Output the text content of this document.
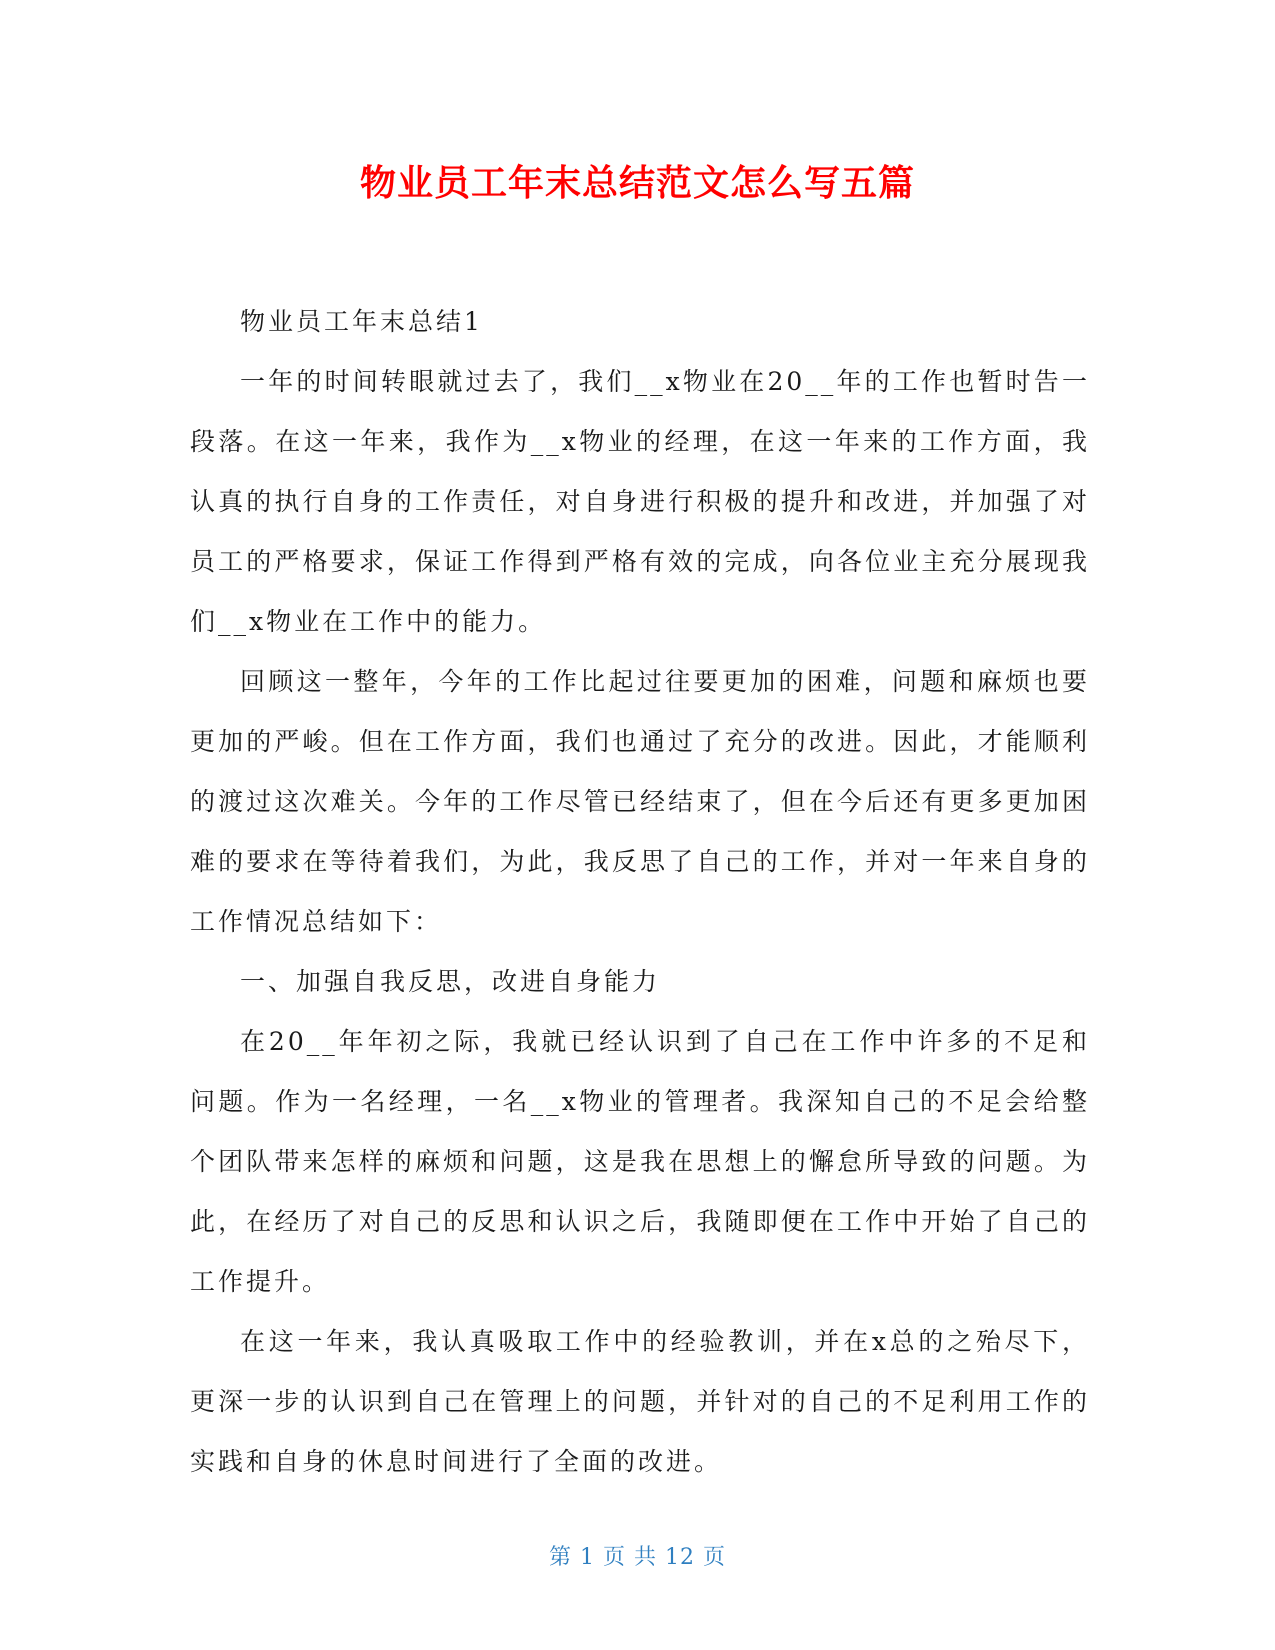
物业员工年末总结范文怎么写五篇

物业员工年末总结1

一年的时间转眼就过去了，我们__x物业在20__年的工作也暂时告一段落。在这一年来，我作为__x物业的经理，在这一年来的工作方面，我认真的执行自身的工作责任，对自身进行积极的提升和改进，并加强了对员工的严格要求，保证工作得到严格有效的完成，向各位业主充分展现我们__x物业在工作中的能力。

回顾这一整年，今年的工作比起过往要更加的困难，问题和麻烦也要更加的严峻。但在工作方面，我们也通过了充分的改进。因此，才能顺利的渡过这次难关。今年的工作尽管已经结束了，但在今后还有更多更加困难的要求在等待着我们，为此，我反思了自己的工作，并对一年来自身的工作情况总结如下：

一、加强自我反思，改进自身能力

在20__年年初之际，我就已经认识到了自己在工作中许多的不足和问题。作为一名经理，一名__x物业的管理者。我深知自己的不足会给整个团队带来怎样的麻烦和问题，这是我在思想上的懈怠所导致的问题。为此，在经历了对自己的反思和认识之后，我随即便在工作中开始了自己的工作提升。

在这一年来，我认真吸取工作中的经验教训，并在x总的之殆尽下，更深一步的认识到自己在管理上的问题，并针对的自己的不足利用工作的实践和自身的休息时间进行了全面的改进。

第 1 页 共 12 页
